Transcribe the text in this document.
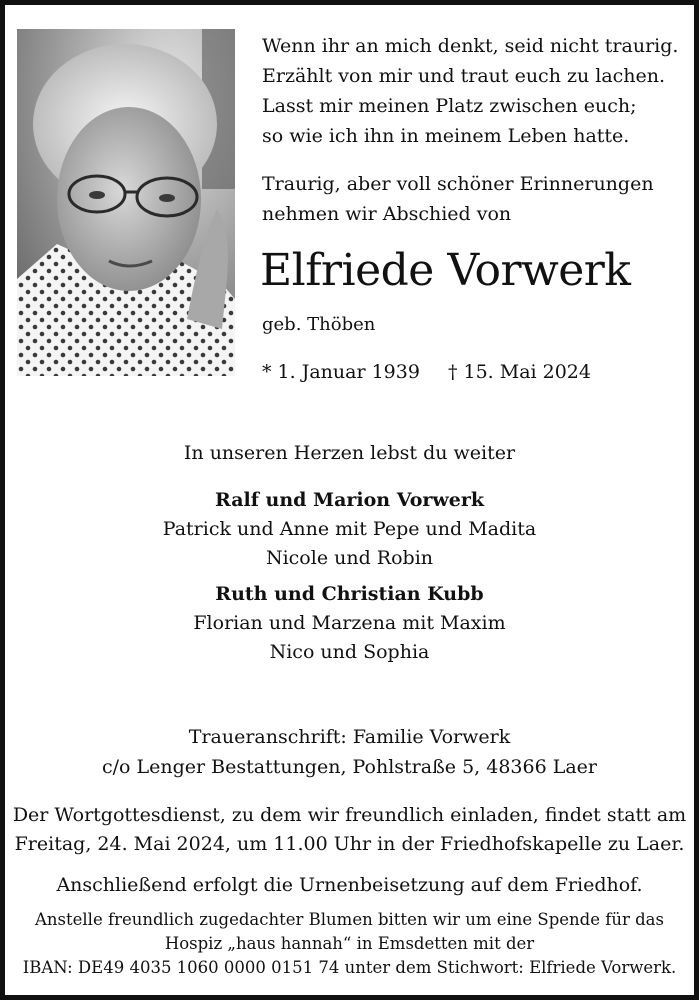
Wenn ihr an mich denkt, seid nicht traurig.
Erzählt von mir und traut euch zu lachen.
Lasst mir meinen Platz zwischen euch;
so wie ich ihn in meinem Leben hatte.
Traurig, aber voll schöner Erinnerungen
nehmen wir Abschied von
Elfriede Vorwerk
geb. Thöben
* 1. Januar 1939 † 15. Mai 2024
In unseren Herzen lebst du weiter
Ralf und Marion Vorwerk
Patrick und Anne mit Pepe und Madita
Nicole und Robin
Ruth und Christian Kubb
Florian und Marzena mit Maxim
Nico und Sophia
Traueranschrift: Familie Vorwerk
c/o Lenger Bestattungen, Pohlstraße 5, 48366 Laer
Der Wortgottesdienst, zu dem wir freundlich einladen, findet statt am
Freitag, 24. Mai 2024, um 11.00 Uhr in der Friedhofskapelle zu Laer.
Anschließend erfolgt die Urnenbeisetzung auf dem Friedhof.
Anstelle freundlich zugedachter Blumen bitten wir um eine Spende für das
Hospiz „haus hannah“ in Emsdetten mit der
IBAN: DE49 4035 1060 0000 0151 74 unter dem Stichwort: Elfriede Vorwerk.
